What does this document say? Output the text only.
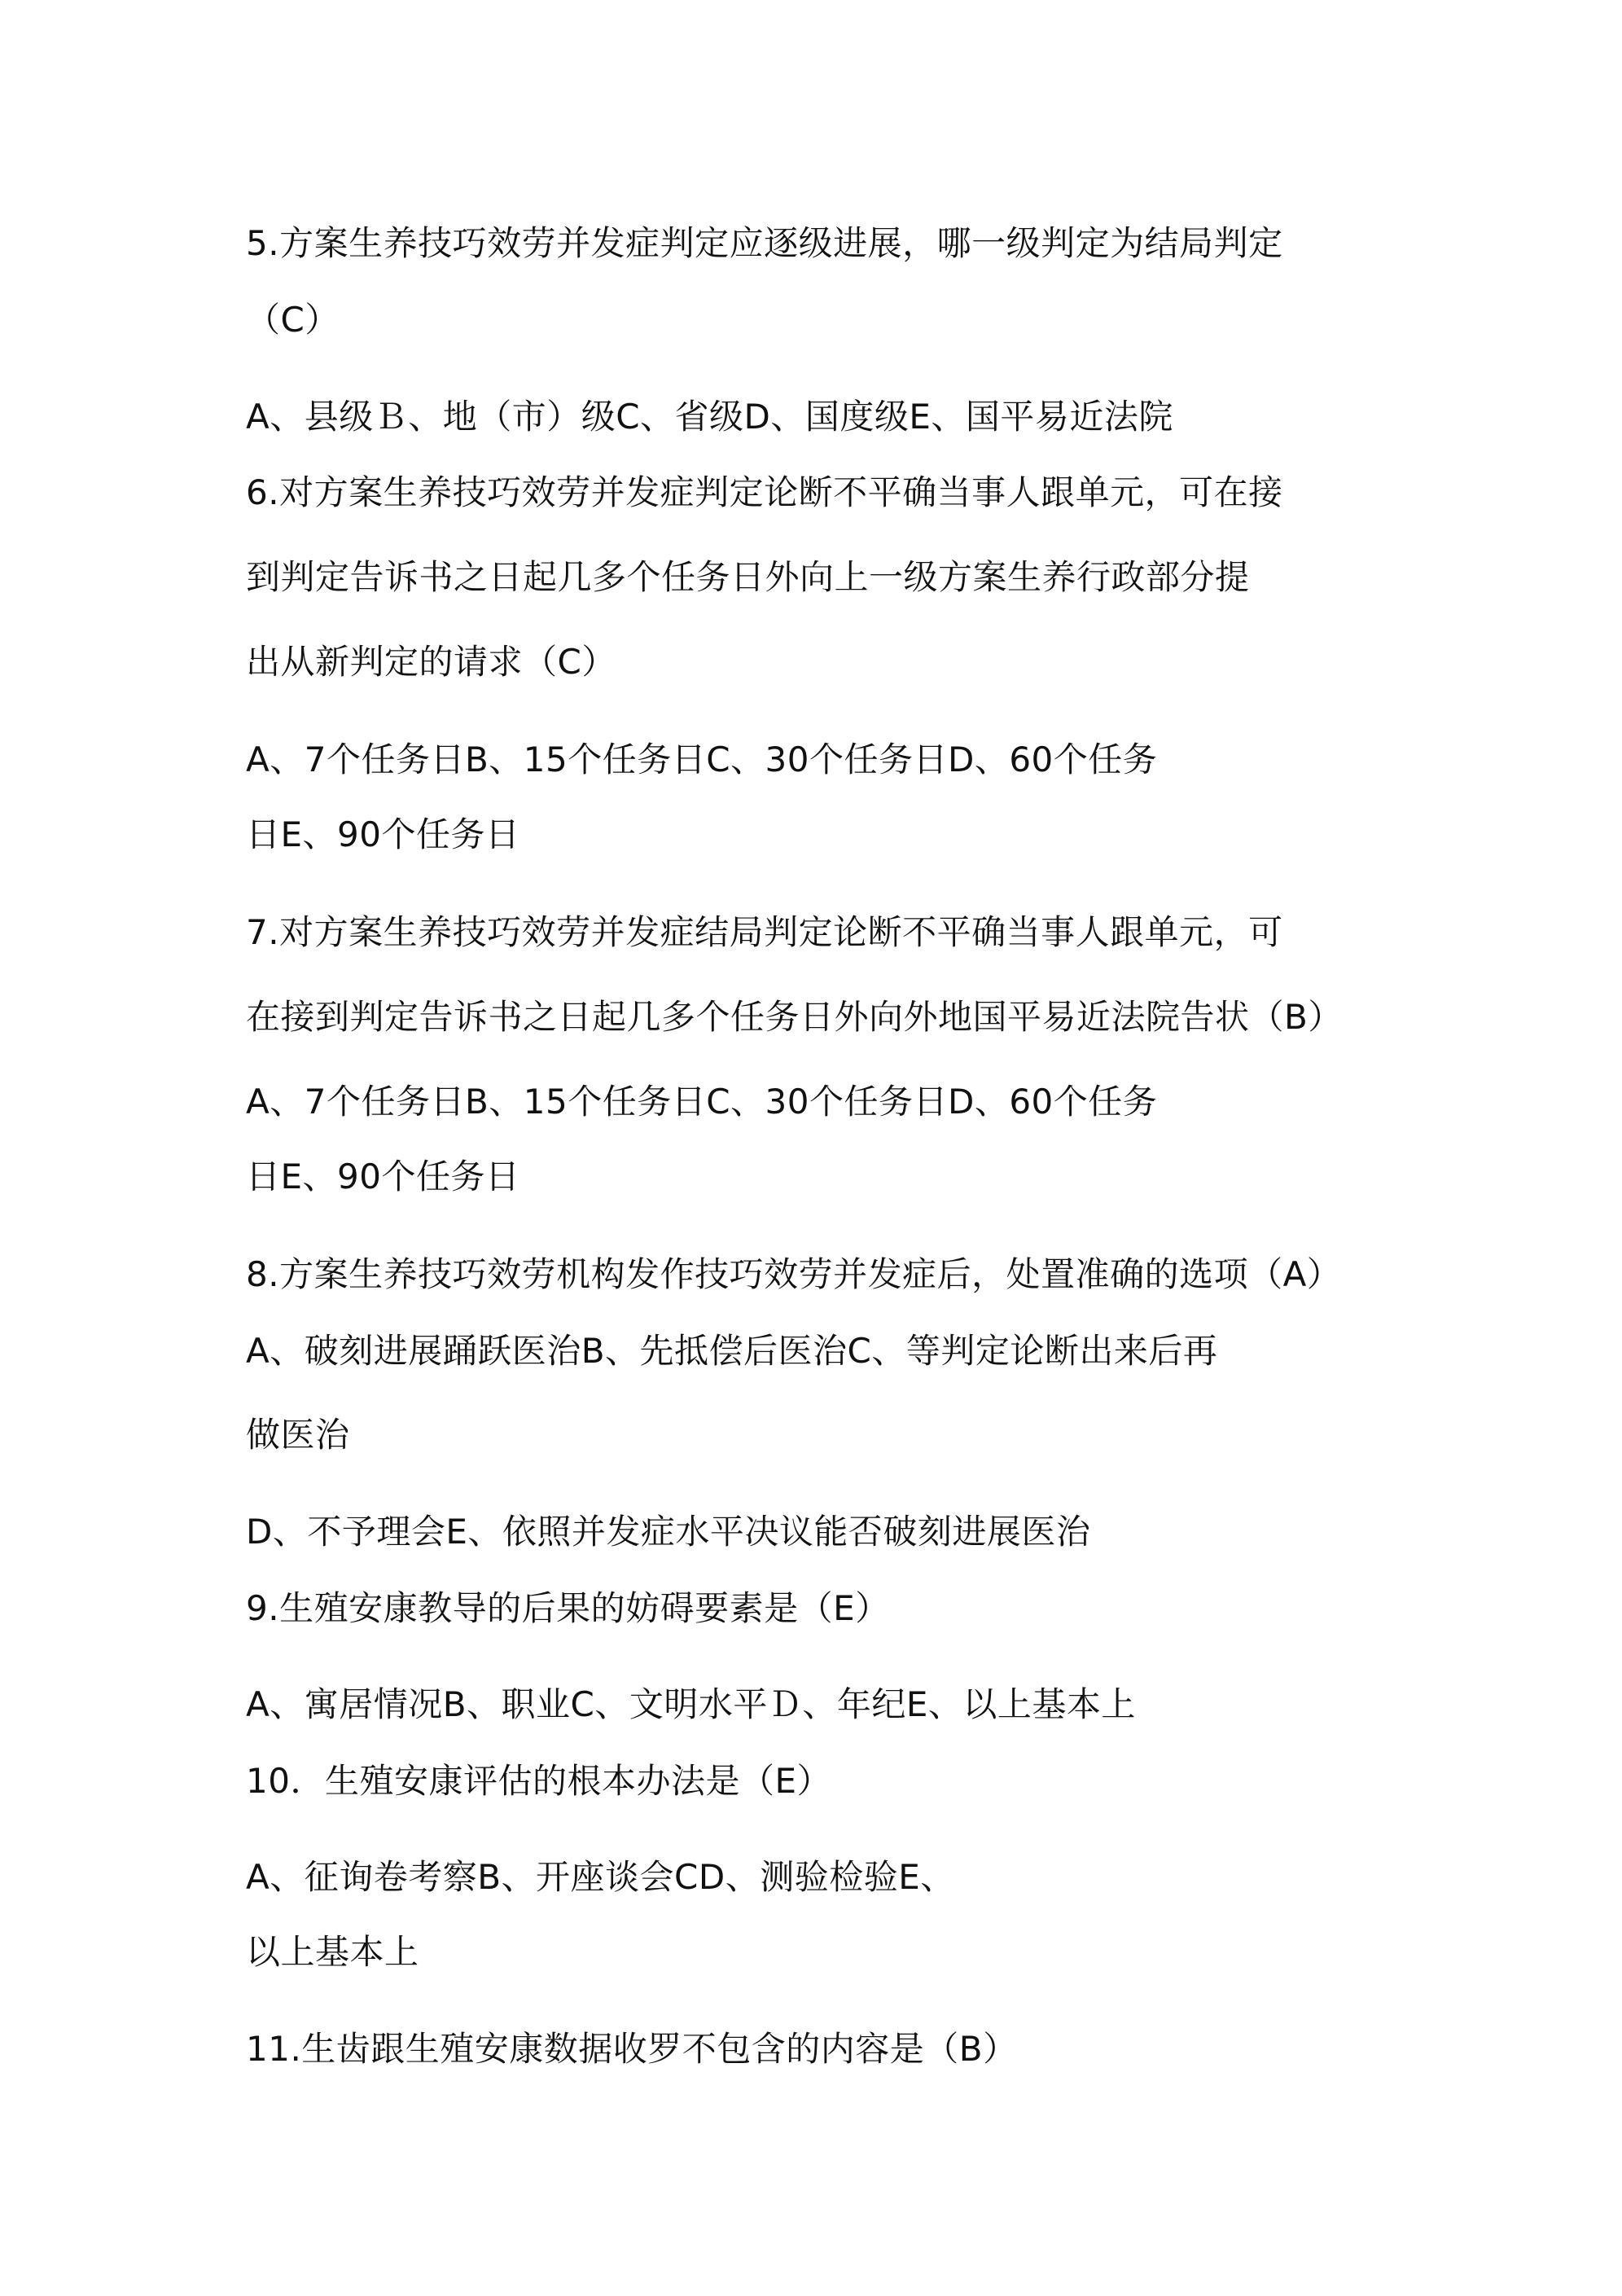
5.方案生养技巧效劳并发症判定应逐级进展，哪一级判定为结局判定
（C）
A、县级Ｂ、地（市）级C、省级D、国度级E、国平易近法院
6.对方案生养技巧效劳并发症判定论断不平确当事人跟单元，可在接
到判定告诉书之日起几多个任务日外向上一级方案生养行政部分提
出从新判定的请求（C）
A、7个任务日B、15个任务日C、30个任务日D、60个任务
日E、90个任务日
7.对方案生养技巧效劳并发症结局判定论断不平确当事人跟单元，可
在接到判定告诉书之日起几多个任务日外向外地国平易近法院告状（B）
A、7个任务日B、15个任务日C、30个任务日D、60个任务
日E、90个任务日
8.方案生养技巧效劳机构发作技巧效劳并发症后，处置准确的选项（A）
A、破刻进展踊跃医治B、先抵偿后医治C、等判定论断出来后再
做医治
D、不予理会E、依照并发症水平决议能否破刻进展医治
9.生殖安康教导的后果的妨碍要素是（E）
A、寓居情况B、职业C、文明水平Ｄ、年纪E、以上基本上
10．生殖安康评估的根本办法是（E）
A、征询卷考察B、开座谈会CD、测验检验E、
以上基本上
11.生齿跟生殖安康数据收罗不包含的内容是（B）
